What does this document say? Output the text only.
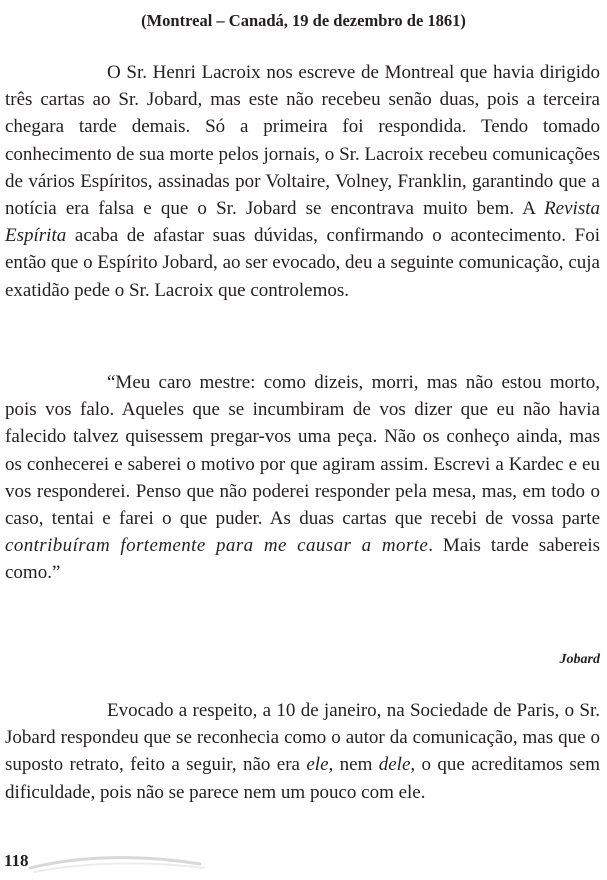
(Montreal – Canadá, 19 de dezembro de 1861)

O Sr. Henri Lacroix nos escreve de Montreal que havia dirigido três cartas ao Sr. Jobard, mas este não recebeu senão duas, pois a terceira chegara tarde demais. Só a primeira foi respondida. Tendo tomado conhecimento de sua morte pelos jornais, o Sr. Lacroix recebeu comunicações de vários Espíritos, assinadas por Voltaire, Volney, Franklin, garantindo que a notícia era falsa e que o Sr. Jobard se encontrava muito bem. A Revista Espírita acaba de afastar suas dúvidas, confirmando o acontecimento. Foi então que o Espírito Jobard, ao ser evocado, deu a seguinte comunicação, cuja exatidão pede o Sr. Lacroix que controlemos.

“Meu caro mestre: como dizeis, morri, mas não estou morto, pois vos falo. Aqueles que se incumbiram de vos dizer que eu não havia falecido talvez quisessem pregar-vos uma peça. Não os conheço ainda, mas os conhecerei e saberei o motivo por que agiram assim. Escrevi a Kardec e eu vos responderei. Penso que não poderei responder pela mesa, mas, em todo o caso, tentai e farei o que puder. As duas cartas que recebi de vossa parte contribuíram fortemente para me causar a morte. Mais tarde sabereis como.”

Jobard

Evocado a respeito, a 10 de janeiro, na Sociedade de Paris, o Sr. Jobard respondeu que se reconhecia como o autor da comunicação, mas que o suposto retrato, feito a seguir, não era ele, nem dele, o que acreditamos sem dificuldade, pois não se parece nem um pouco com ele.

118
